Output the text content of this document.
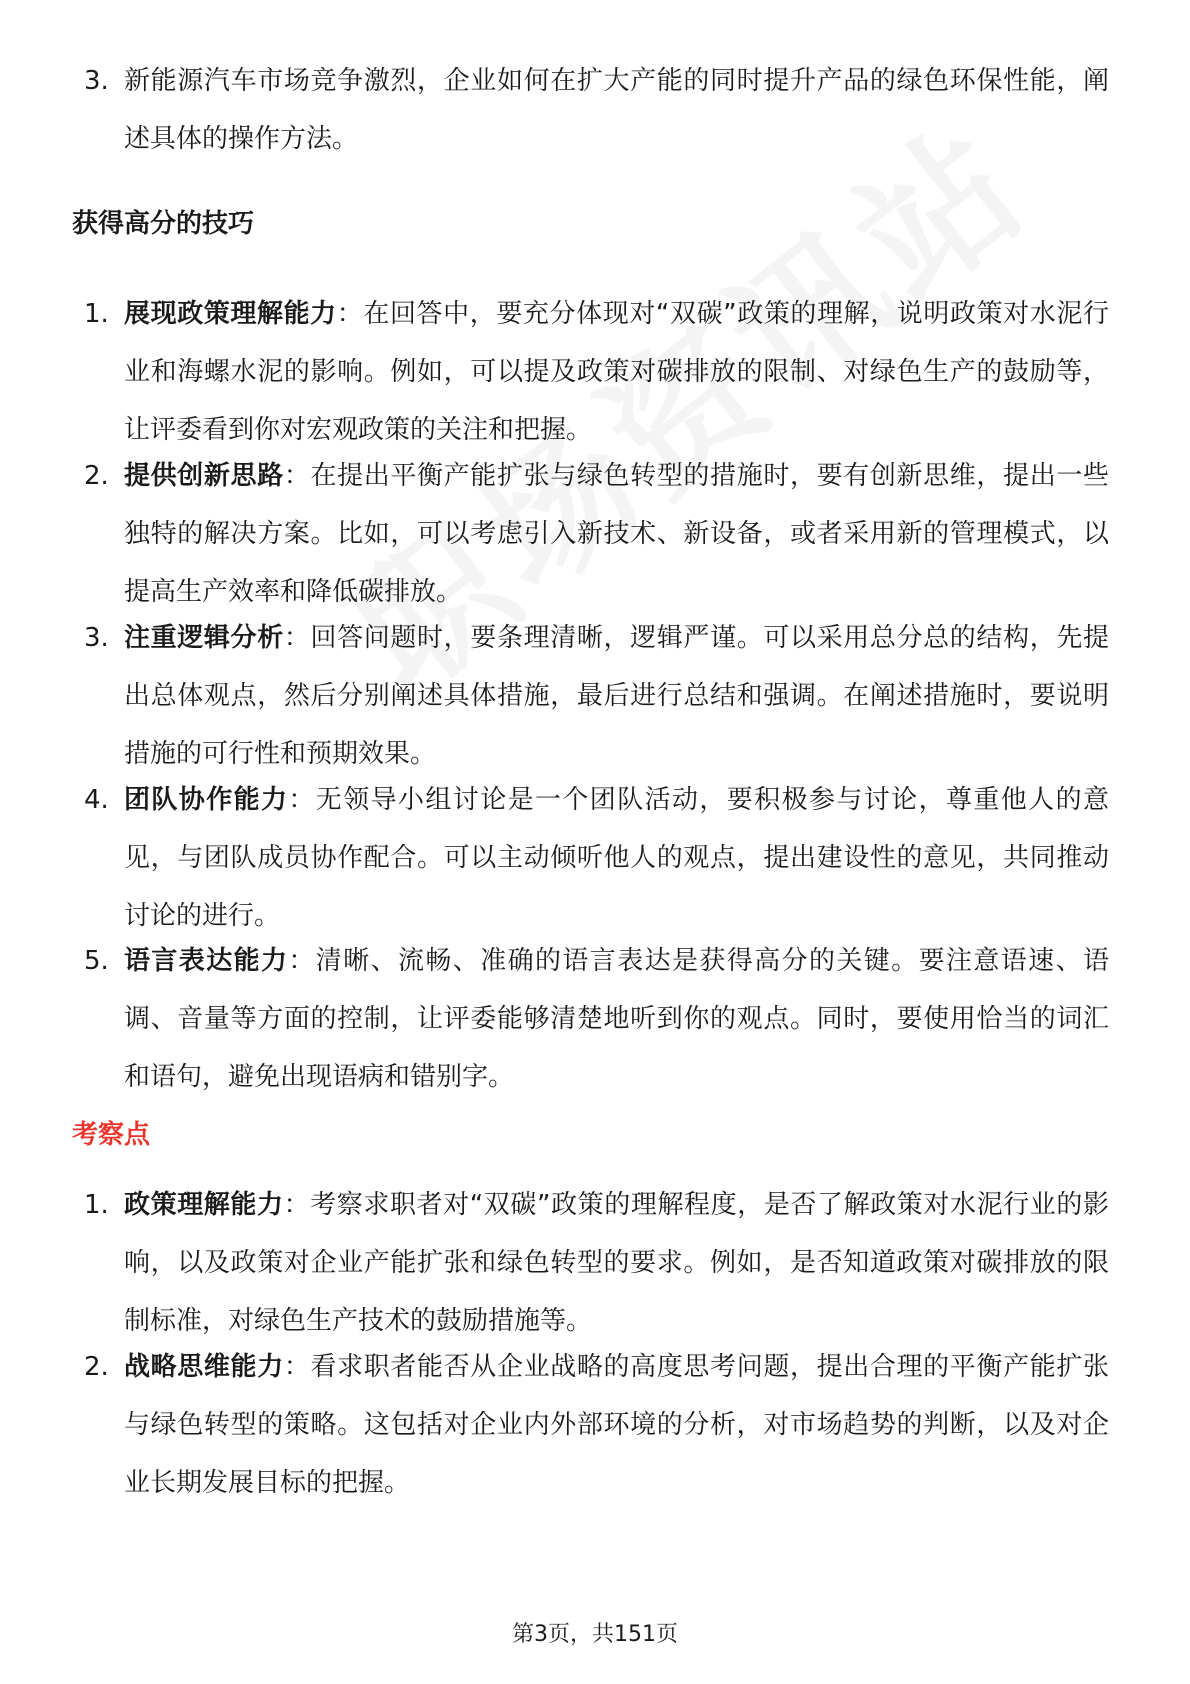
3. 新能源汽车市场竞争激烈，企业如何在扩大产能的同时提升产品的绿色环保性能，阐述具体的操作方法。
获得高分的技巧
1. 展现政策理解能力：在回答中，要充分体现对“双碳”政策的理解，说明政策对水泥行业和海螺水泥的影响。例如，可以提及政策对碳排放的限制、对绿色生产的鼓励等，让评委看到你对宏观政策的关注和把握。
2. 提供创新思路：在提出平衡产能扩张与绿色转型的措施时，要有创新思维，提出一些独特的解决方案。比如，可以考虑引入新技术、新设备，或者采用新的管理模式，以提高生产效率和降低碳排放。
3. 注重逻辑分析：回答问题时，要条理清晰，逻辑严谨。可以采用总分总的结构，先提出总体观点，然后分别阐述具体措施，最后进行总结和强调。在阐述措施时，要说明措施的可行性和预期效果。
4. 团队协作能力：无领导小组讨论是一个团队活动，要积极参与讨论，尊重他人的意见，与团队成员协作配合。可以主动倾听他人的观点，提出建设性的意见，共同推动讨论的进行。
5. 语言表达能力：清晰、流畅、准确的语言表达是获得高分的关键。要注意语速、语调、音量等方面的控制，让评委能够清楚地听到你的观点。同时，要使用恰当的词汇和语句，避免出现语病和错别字。
考察点
1. 政策理解能力：考察求职者对“双碳”政策的理解程度，是否了解政策对水泥行业的影响，以及政策对企业产能扩张和绿色转型的要求。例如，是否知道政策对碳排放的限制标准，对绿色生产技术的鼓励措施等。
2. 战略思维能力：看求职者能否从企业战略的高度思考问题，提出合理的平衡产能扩张与绿色转型的策略。这包括对企业内外部环境的分析，对市场趋势的判断，以及对企业长期发展目标的把握。
第3页，共151页
